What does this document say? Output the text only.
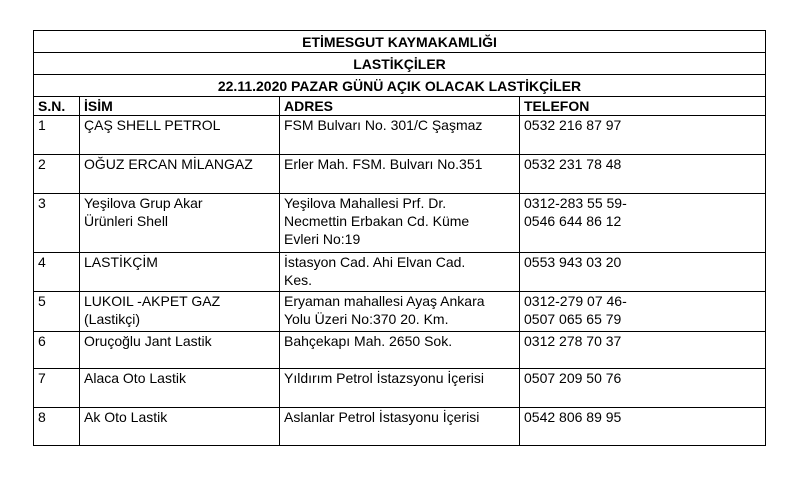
ETİMESGUT KAYMAKAMLIĞI			
LASTİKÇİLER			
22.11.2020 PAZAR GÜNÜ AÇIK OLACAK LASTİKÇİLER			
S.N.	İSİM	ADRES	TELEFON

1	ÇAŞ SHELL PETROL	FSM Bulvarı No. 301/C Şaşmaz	0532 216 87 97

2	OĞUZ ERCAN MİLANGAZ	Erler Mah. FSM. Bulvarı No.351	0532 231 78 48

3	Yeşilova Grup Akar
Ürünleri Shell	Yeşilova Mahallesi Prf. Dr.
Necmettin Erbakan Cd. Küme
Evleri No:19	0312-283 55 59-
0546 644 86 12

4	LASTİKÇİM	İstasyon Cad. Ahi Elvan Cad.
Kes.	0553 943 03 20

5	LUKOIL -AKPET GAZ
(Lastikçi)	Eryaman mahallesi Ayaş Ankara
Yolu Üzeri No:370 20. Km.	0312-279 07 46-
0507 065 65 79

6	Oruçoğlu Jant Lastik	Bahçekapı Mah. 2650 Sok.	0312 278 70 37

7	Alaca Oto Lastik	Yıldırım Petrol İstazsyonu İçerisi	0507 209 50 76

8	Ak Oto Lastik	Aslanlar Petrol İstasyonu İçerisi	0542 806 89 95
